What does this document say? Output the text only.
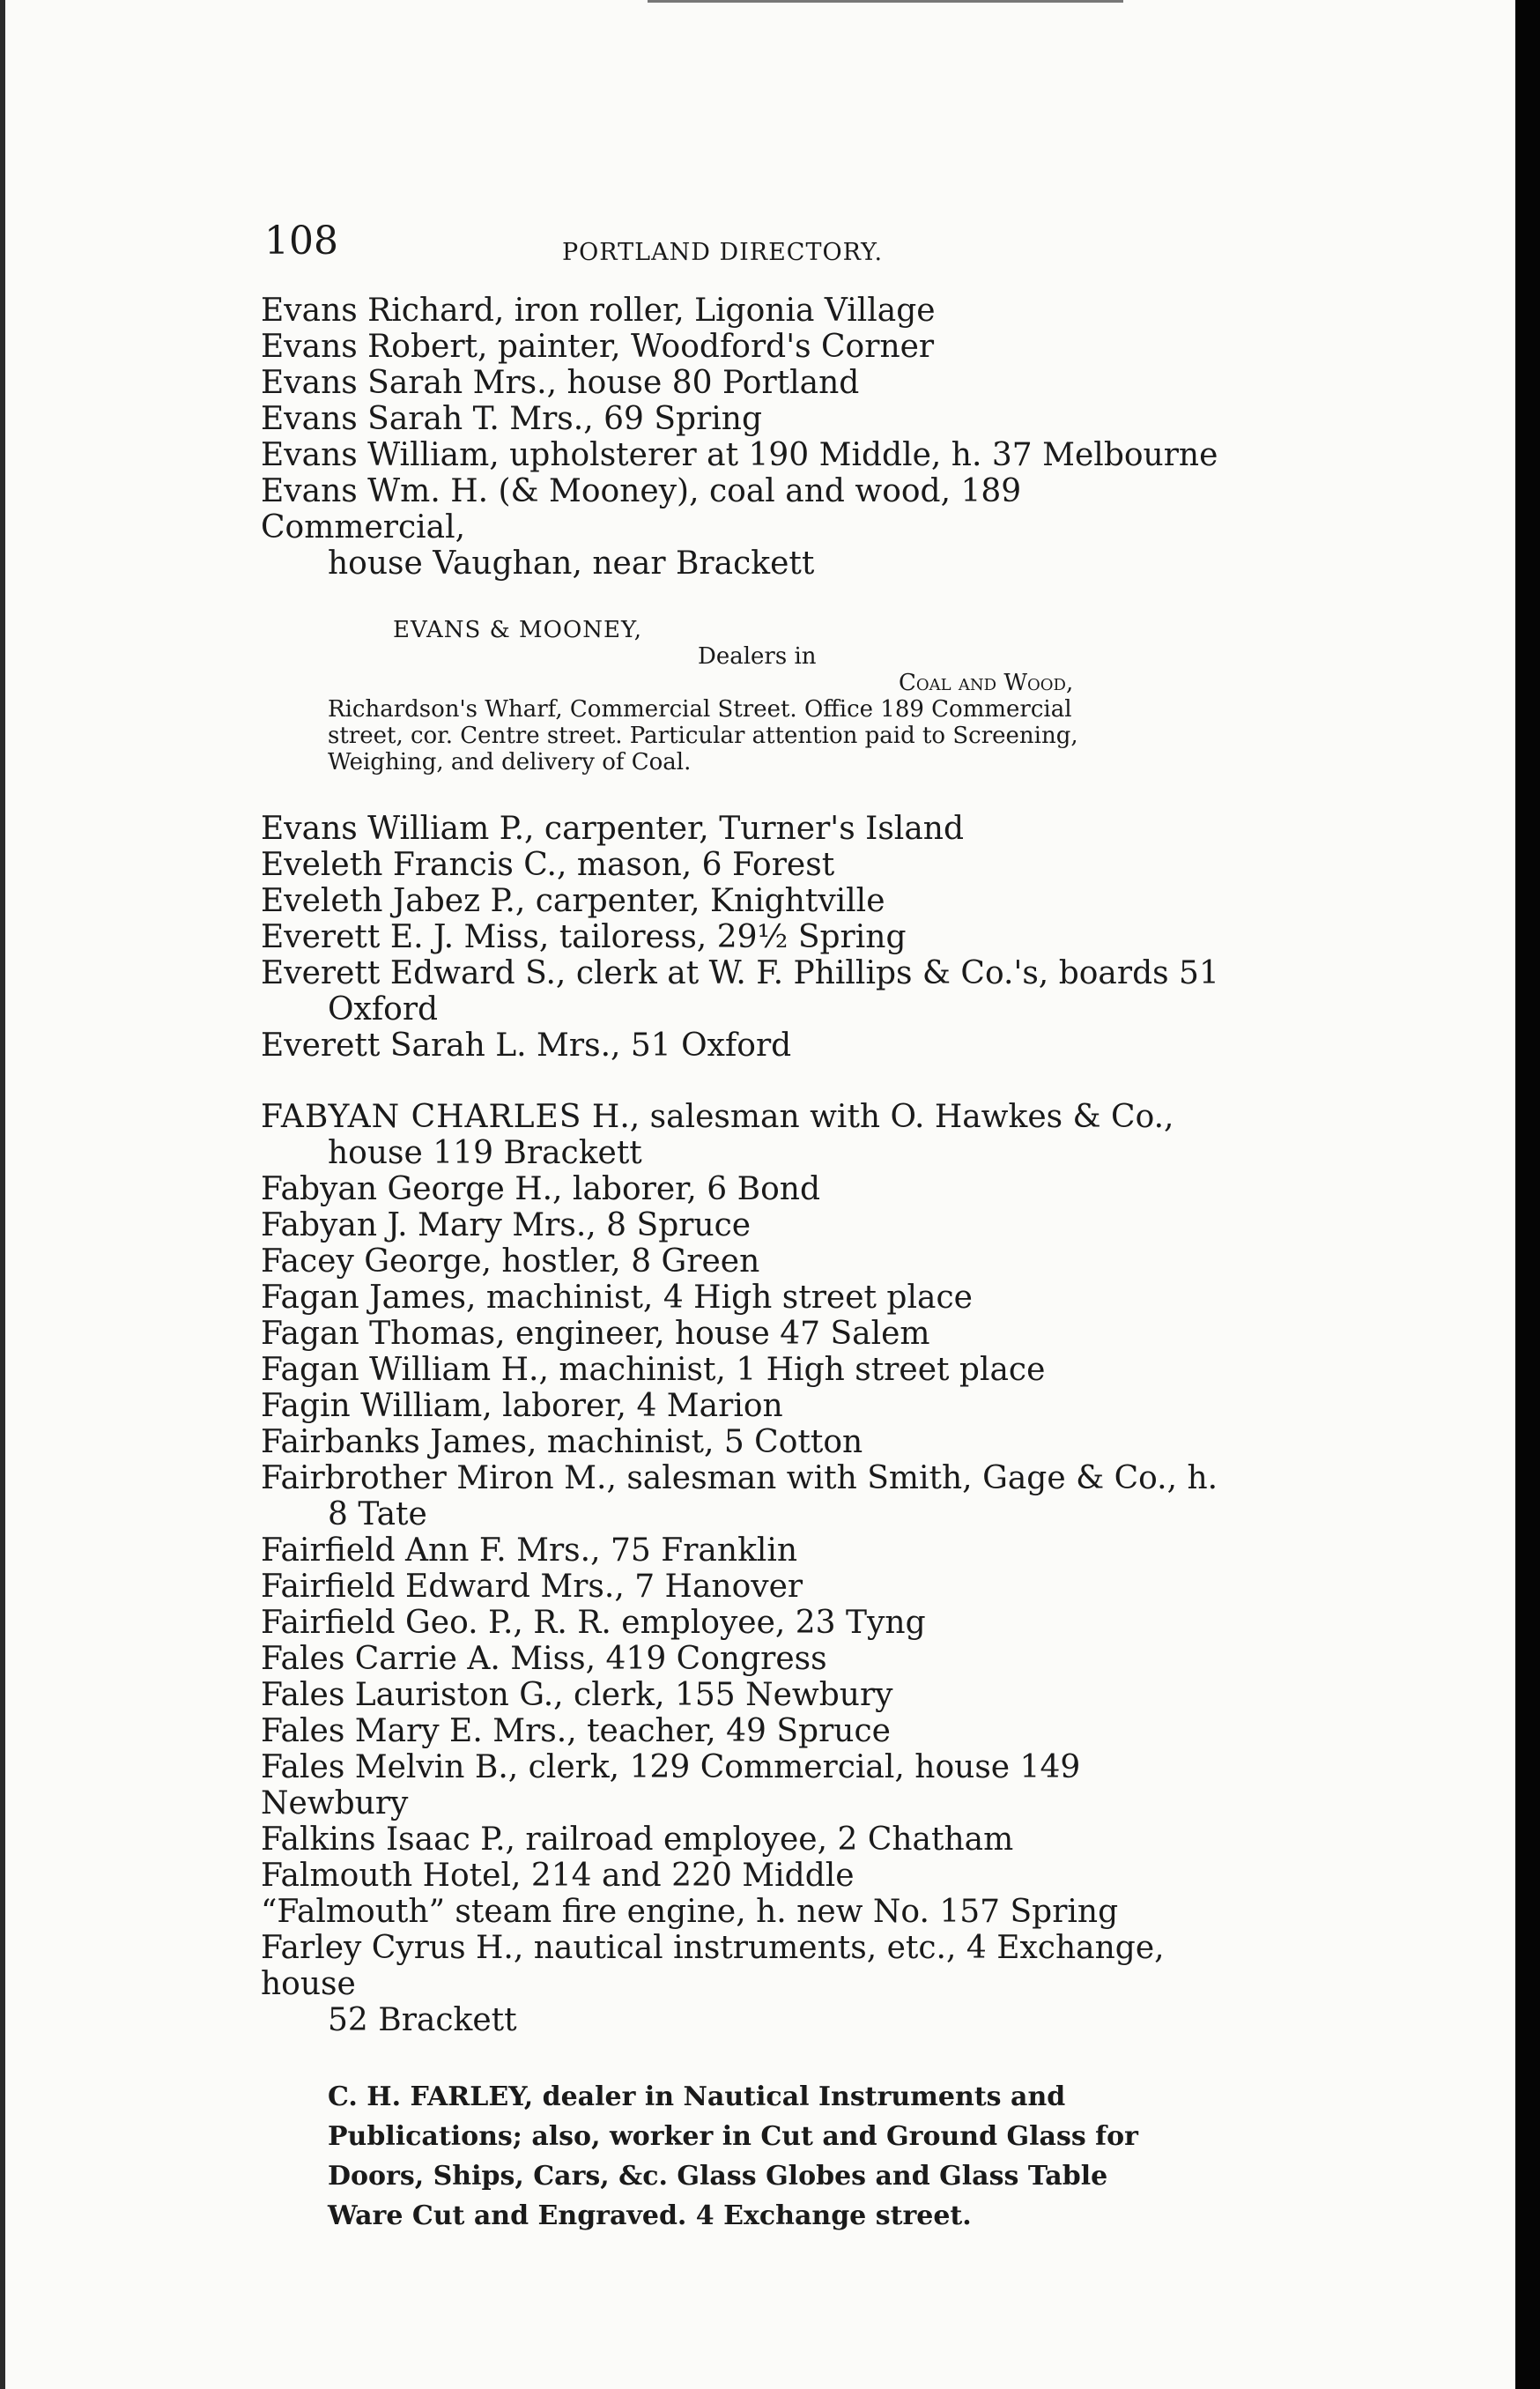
108	PORTLAND DIRECTORY.

Evans Richard, iron roller, Ligonia Village

Evans Robert, painter, Woodford's Corner

Evans Sarah Mrs., house 80 Portland

Evans Sarah T. Mrs., 69 Spring

Evans William, upholsterer at 190 Middle, h. 37 Melbourne

Evans Wm. H. (& Mooney), coal and wood, 189 Commercial,
house Vaughan, near Brackett

EVANS & MOONEY,
Dealers in
Coal and Wood,
Richardson's Wharf, Commercial Street. Office 189 Commercial street, cor. Centre street. Particular attention paid to Screening, Weighing, and delivery of Coal.

Evans William P., carpenter, Turner's Island

Eveleth Francis C., mason, 6 Forest

Eveleth Jabez P., carpenter, Knightville

Everett E. J. Miss, tailoress, 29½ Spring

Everett Edward S., clerk at W. F. Phillips & Co.'s, boards 51
Oxford

Everett Sarah L. Mrs., 51 Oxford

FABYAN CHARLES H., salesman with O. Hawkes & Co.,
house 119 Brackett

Fabyan George H., laborer, 6 Bond

Fabyan J. Mary Mrs., 8 Spruce

Facey George, hostler, 8 Green

Fagan James, machinist, 4 High street place

Fagan Thomas, engineer, house 47 Salem

Fagan William H., machinist, 1 High street place

Fagin William, laborer, 4 Marion

Fairbanks James, machinist, 5 Cotton

Fairbrother Miron M., salesman with Smith, Gage & Co., h.
8 Tate

Fairfield Ann F. Mrs., 75 Franklin

Fairfield Edward Mrs., 7 Hanover

Fairfield Geo. P., R. R. employee, 23 Tyng

Fales Carrie A. Miss, 419 Congress

Fales Lauriston G., clerk, 155 Newbury

Fales Mary E. Mrs., teacher, 49 Spruce

Fales Melvin B., clerk, 129 Commercial, house 149 Newbury

Falkins Isaac P., railroad employee, 2 Chatham

Falmouth Hotel, 214 and 220 Middle

“Falmouth” steam fire engine, h. new No. 157 Spring

Farley Cyrus H., nautical instruments, etc., 4 Exchange, house
52 Brackett

C. H. FARLEY, dealer in Nautical Instruments and Publications; also, worker in Cut and Ground Glass for Doors, Ships, Cars, &c. Glass Globes and Glass Table Ware Cut and Engraved. 4 Exchange street.
